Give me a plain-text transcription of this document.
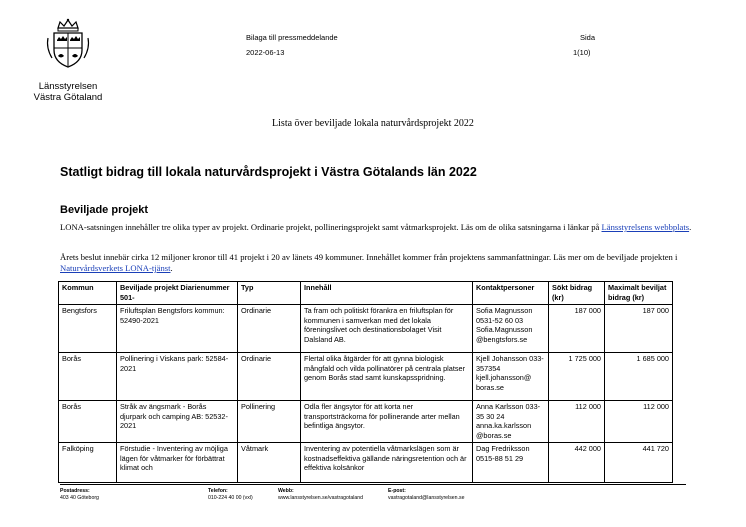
Länsstyrelsen
Västra Götaland
Bilaga till pressmeddelande
2022-06-13
Sida
1(10)
Lista över beviljade lokala naturvårdsprojekt 2022
Statligt bidrag till lokala naturvårdsprojekt i Västra Götalands län 2022
Beviljade projekt
LONA-satsningen innehåller tre olika typer av projekt. Ordinarie projekt, pollineringsprojekt samt våtmarksprojekt. Läs om de olika satsningarna i länkar på Länsstyrelsens webbplats.
Årets beslut innebär cirka 12 miljoner kronor till 41 projekt i 20 av länets 49 kommuner. Innehållet kommer från projektens sammanfattningar. Läs mer om de beviljade projekten i Naturvårdsverkets LONA-tjänst.
Kommun	Beviljade projekt Diarienummer 501-	Typ	Innehåll	Kontaktpersoner	Sökt bidrag (kr)	Maximalt beviljat bidrag (kr)
Bengtsfors	Friluftsplan Bengtsfors kommun: 52490-2021	Ordinarie	Ta fram och politiskt förankra en friluftsplan för kommunen i samverkan med det lokala föreningslivet och destinationsbolaget Visit Dalsland AB.	Sofia Magnusson 0531-52 60 03 Sofia.Magnusson @bengtsfors.se	187 000	187 000
Borås	Pollinering i Viskans park: 52584-2021	Ordinarie	Flertal olika åtgärder för att gynna biologisk mångfald och vilda pollinatörer på centrala platser genom Borås stad samt kunskapsspridning.	Kjell Johansson 033-357354 kjell.johansson@ boras.se	1 725 000	1 685 000
Borås	Stråk av ängsmark - Borås djurpark och camping AB: 52532-2021	Pollinering	Odla fler ängsytor för att korta ner transportsträckorna för pollinerande arter mellan befintliga ängsytor.	Anna Karlsson 033-35 30 24 anna.ka.karlsson @boras.se	112 000	112 000
Falköping	Förstudie - Inventering av möjliga lägen för våtmarker för förbättrat klimat och	Våtmark	Inventering av potentiella våtmarkslägen som är kostnadseffektiva gällande näringsretention och är effektiva kolsänkor	Dag Fredriksson 0515-88 51 29	442 000	441 720
Postadress:
403 40 Göteborg
Telefon:
010-224 40 00 (vxl)
Webb:
www.lansstyrelsen.se/vastragotaland
E-post:
vastragotaland@lansstyrelsen.se
